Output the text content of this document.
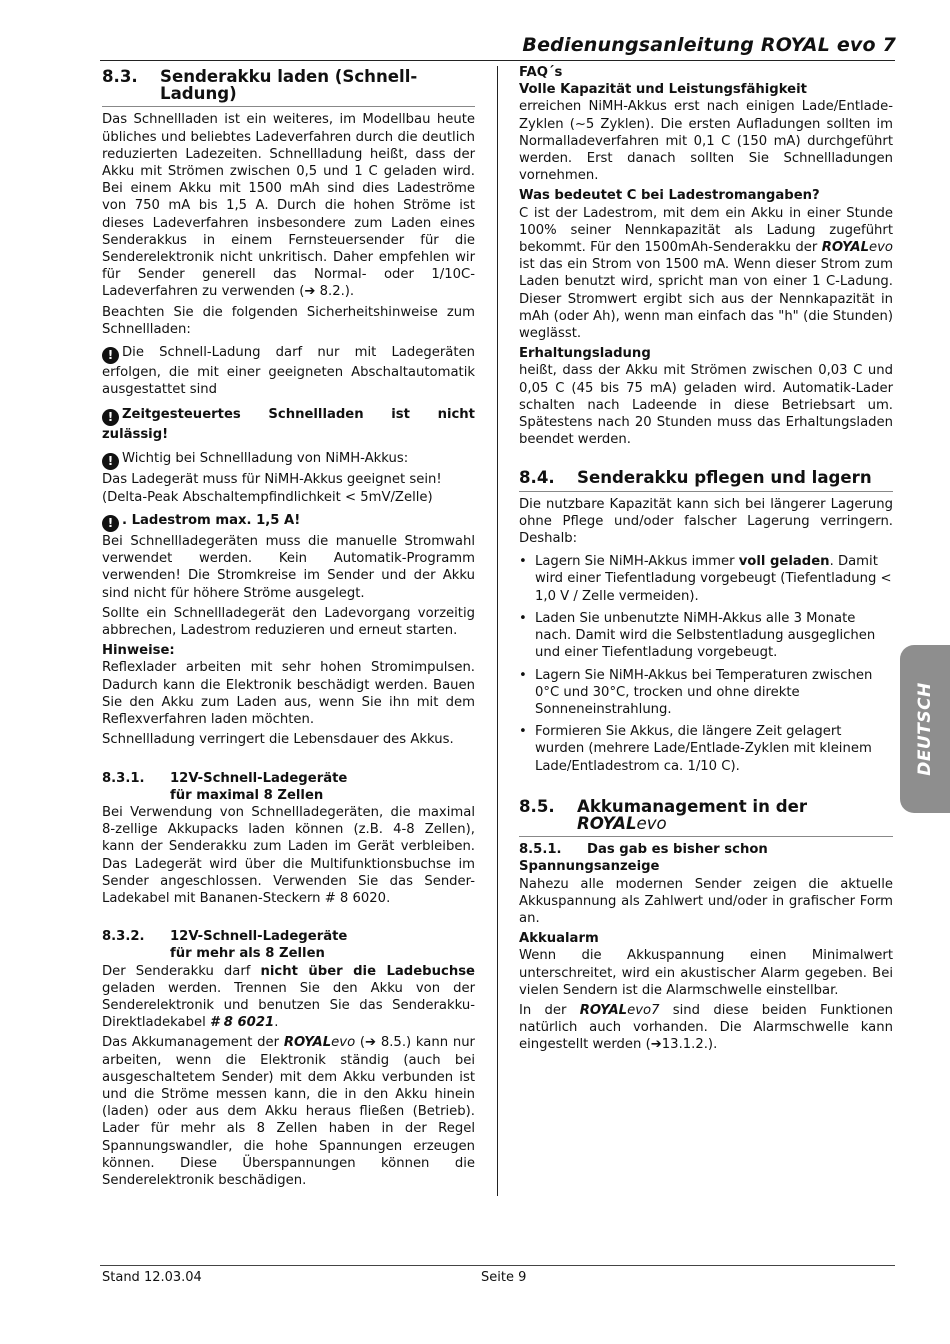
Bedienungsanleitung ROYAL evo 7
8.3.	Senderakku laden (Schnell-Ladung)

Das Schnellladen ist ein weiteres, im Modellbau heute übliches und beliebtes Ladeverfahren durch die deutlich reduzierten Ladezeiten. Schnellladung heißt, dass der Akku mit Strömen zwischen 0,5 und 1 C geladen wird. Bei einem Akku mit 1500 mAh sind dies Ladeströme von 750 mA bis 1,5 A. Durch die hohen Ströme ist dieses Ladeverfahren insbesondere zum Laden eines Senderakkus in einem Fernsteuersender für die Senderelektronik nicht unkritisch. Daher empfehlen wir für Sender generell das Normal- oder 1/10C-Ladeverfahren zu verwenden (➔ 8.2.).

Beachten Sie die folgenden Sicherheitshinweise zum Schnellladen:

! Die Schnell-Ladung darf nur mit Ladegeräten erfolgen, die mit einer geeigneten Abschaltautomatik ausgestattet sind

! Zeitgesteuertes Schnellladen ist nicht zulässig!

! Wichtig bei Schnellladung von NiMH-Akkus:

Das Ladegerät muss für NiMH-Akkus geeignet sein!

(Delta-Peak Abschaltempfindlichkeit < 5mV/Zelle)

! . Ladestrom max. 1,5 A!

Bei Schnellladegeräten muss die manuelle Stromwahl verwendet werden. Kein Automatik-Programm verwenden! Die Stromkreise im Sender und der Akku sind nicht für höhere Ströme ausgelegt.

Sollte ein Schnellladegerät den Ladevorgang vorzeitig abbrechen, Ladestrom reduzieren und erneut starten.

Hinweise:

Reflexlader arbeiten mit sehr hohen Stromimpulsen. Dadurch kann die Elektronik beschädigt werden. Bauen Sie den Akku zum Laden aus, wenn Sie ihn mit dem Reflexverfahren laden möchten.

Schnellladung verringert die Lebensdauer des Akkus.

8.3.1.	12V-Schnell-Ladegeräte
für maximal 8 Zellen

Bei Verwendung von Schnellladegeräten, die maximal 8-zellige Akkupacks laden können (z.B. 4-8 Zellen), kann der Senderakku zum Laden im Gerät verbleiben. Das Ladegerät wird über die Multifunktionsbuchse im Sender angeschlossen. Verwenden Sie das Sender-Ladekabel mit Bananen-Steckern # 8 6020.

8.3.2.	12V-Schnell-Ladegeräte
für mehr als 8 Zellen

Der Senderakku darf nicht über die Ladebuchse geladen werden. Trennen Sie den Akku von der Senderelektronik und benutzen Sie das Senderakku-Direktladekabel # 8 6021.

Das Akkumanagement der ROYALevo (➔ 8.5.) kann nur arbeiten, wenn die Elektronik ständig (auch bei ausgeschaltetem Sender) mit dem Akku verbunden ist und die Ströme messen kann, die in den Akku hinein (laden) oder aus dem Akku heraus fließen (Betrieb). Lader für mehr als 8 Zellen haben in der Regel Spannungswandler, die hohe Spannungen erzeugen können. Diese Überspannungen können die Senderelektronik beschädigen.

FAQ´s

Volle Kapazität und Leistungsfähigkeit

erreichen NiMH-Akkus erst nach einigen Lade/Entlade-Zyklen (~5 Zyklen). Die ersten Aufladungen sollten im Normalladeverfahren mit 0,1 C (150 mA) durchgeführt werden. Erst danach sollten Sie Schnellladungen vornehmen.

Was bedeutet C bei Ladestromangaben?

C ist der Ladestrom, mit dem ein Akku in einer Stunde 100% seiner Nennkapazität als Ladung zugeführt bekommt. Für den 1500mAh-Senderakku der ROYALevo ist das ein Strom von 1500 mA. Wenn dieser Strom zum Laden benutzt wird, spricht man von einer 1 C-Ladung. Dieser Stromwert ergibt sich aus der Nennkapazität in mAh (oder Ah), wenn man einfach das "h" (die Stunden) weglässt.

Erhaltungsladung

heißt, dass der Akku mit Strömen zwischen 0,03 C und 0,05 C (45 bis 75 mA) geladen wird. Automatik-Lader schalten nach Ladeende in diese Betriebsart um. Spätestens nach 20 Stunden muss das Erhaltungsladen beendet werden.

8.4.	Senderakku pflegen und lagern

Die nutzbare Kapazität kann sich bei längerer Lagerung ohne Pflege und/oder falscher Lagerung verringern. Deshalb:

• Lagern Sie NiMH-Akkus immer voll geladen. Damit wird einer Tiefentladung vorgebeugt (Tiefentladung < 1,0 V / Zelle vermeiden).
• Laden Sie unbenutzte NiMH-Akkus alle 3 Monate nach. Damit wird die Selbstentladung ausgeglichen und einer Tiefentladung vorgebeugt.
• Lagern Sie NiMH-Akkus bei Temperaturen zwischen 0°C und 30°C, trocken und ohne direkte Sonneneinstrahlung.
• Formieren Sie Akkus, die längere Zeit gelagert wurden (mehrere Lade/Entlade-Zyklen mit kleinem Lade/Entladestrom ca. 1/10 C).
8.5.	Akkumanagement in der ROYALevo
8.5.1.	Das gab es bisher schon

Spannungsanzeige

Nahezu alle modernen Sender zeigen die aktuelle Akkuspannung als Zahlwert und/oder in grafischer Form an.

Akkualarm

Wenn die Akkuspannung einen Minimalwert unterschreitet, wird ein akustischer Alarm gegeben. Bei vielen Sendern ist die Alarmschwelle einstellbar.

In der ROYALevo7 sind diese beiden Funktionen natürlich auch vorhanden. Die Alarmschwelle kann eingestellt werden (➔13.1.2.).

DEUTSCH
Stand 12.03.04	Seite 9
